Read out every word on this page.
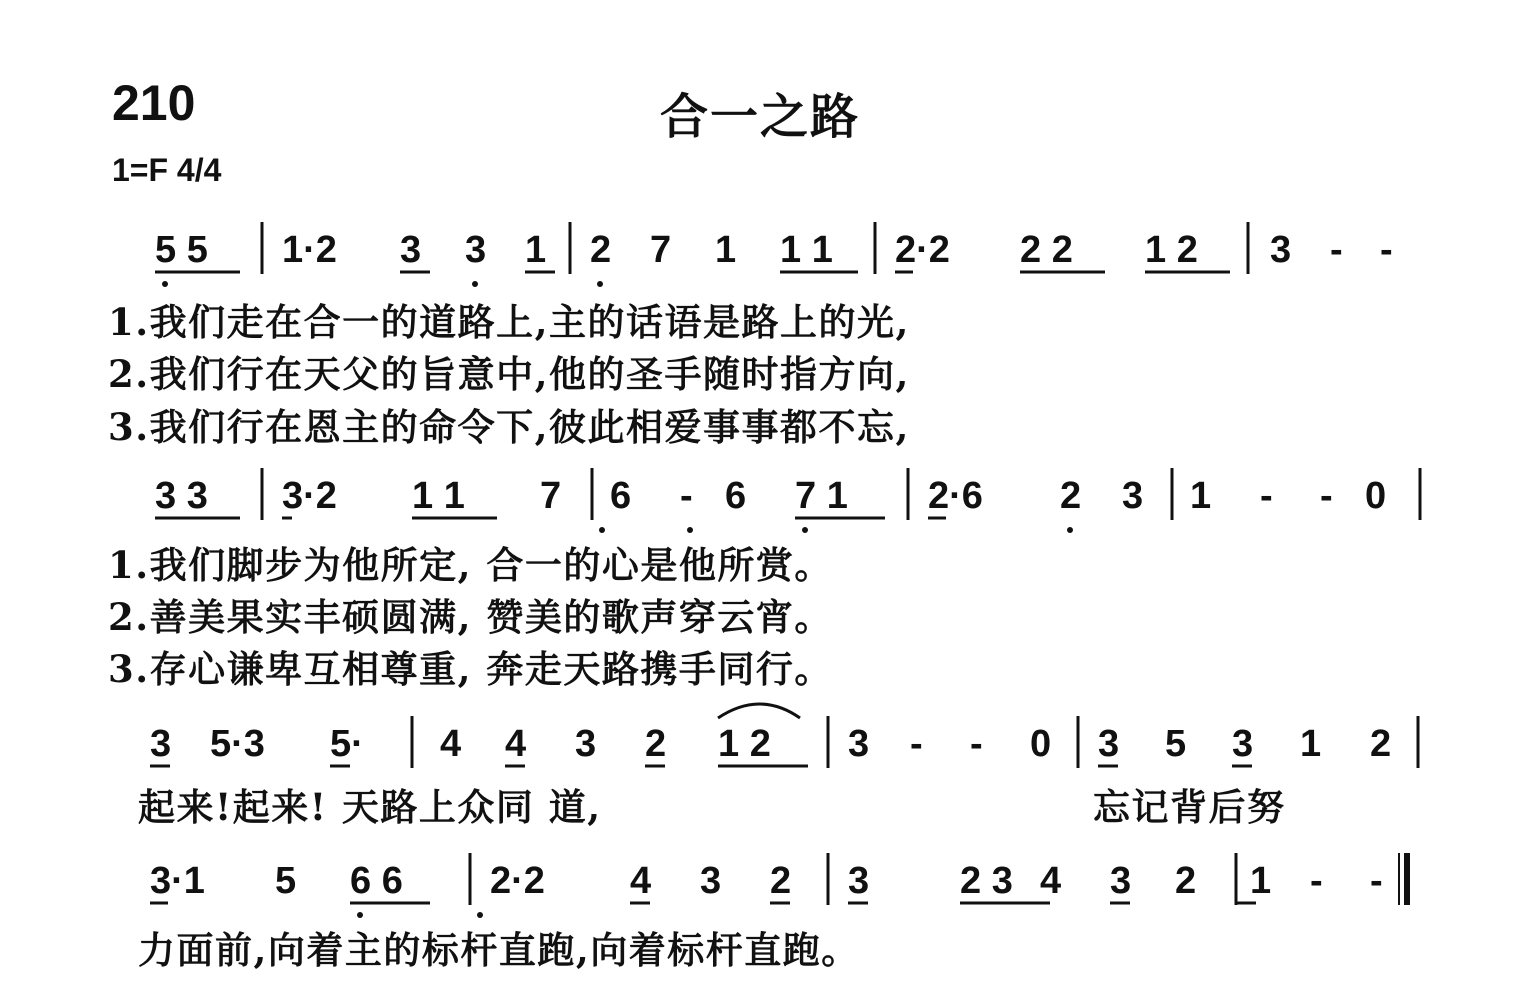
210	合一之路
1=F 4/4
5 5 1·2 3 3 1 2 7 1 1 1 2·2 2 2 1 2 3 - -
3 3 3·2 1 1 7 6 - 6 7 1 2·6 2 3 1 - - 0
3 5·3 5· 4 4 3 2 1 2 3 - - 0 3 5 3 1 2
3·1 5 6 6 2·2 4 3 2 3 2 3 4 3 2 1 - -
1.我们走在合一的道路上,主的话语是路上的光,
2.我们行在天父的旨意中,他的圣手随时指方向,
3.我们行在恩主的命令下,彼此相爱事事都不忘,
1.我们脚步为他所定, 合一的心是他所赏。
2.善美果实丰硕圆满, 赞美的歌声穿云宵。
3.存心谦卑互相尊重, 奔走天路携手同行。
起来!起来! 天路上众同 道,	忘记背后努
力面前,向着主的标杆直跑,向着标杆直跑。
